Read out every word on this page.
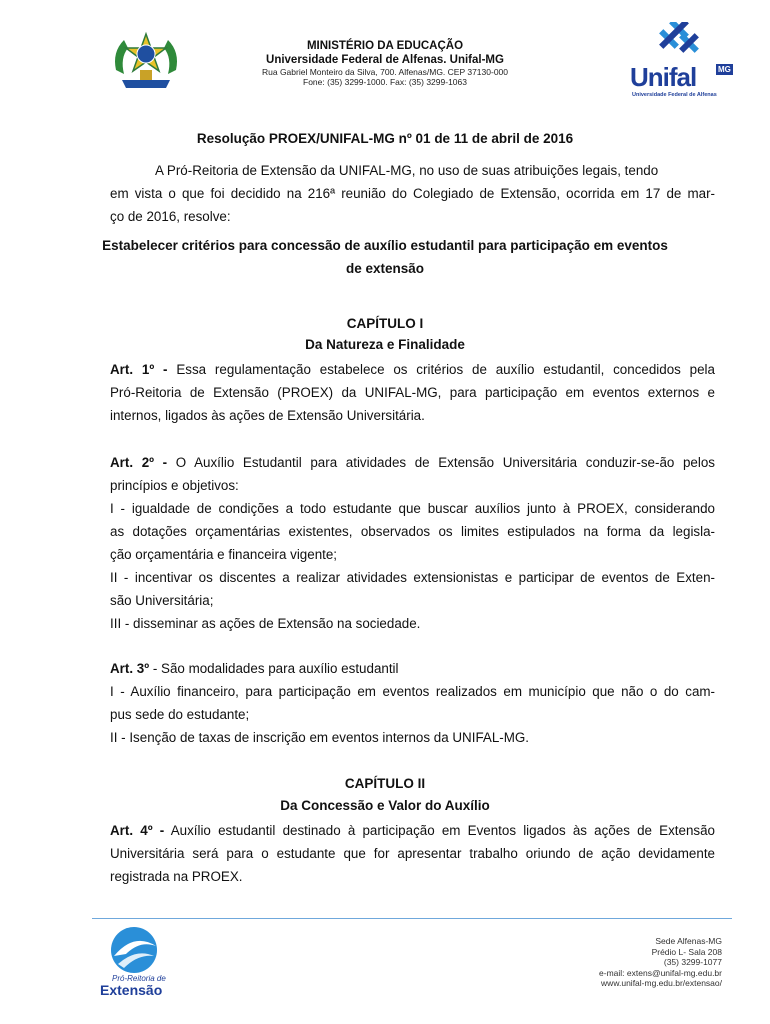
MINISTÉRIO DA EDUCAÇÃO
Universidade Federal de Alfenas. Unifal-MG
Rua Gabriel Monteiro da Silva, 700. Alfenas/MG. CEP 37130-000
Fone: (35) 3299-1000. Fax: (35) 3299-1063	Unifal	MG
Universidade Federal de Alfenas
Resolução PROEX/UNIFAL-MG nº 01 de 11 de abril de 2016
A Pró-Reitoria de Extensão da UNIFAL-MG, no uso de suas atribuições legais, tendo
em vista o que foi decidido na 216ª reunião do Colegiado de Extensão, ocorrida em 17 de mar-
ço de 2016, resolve:
Estabelecer critérios para concessão de auxílio estudantil para participação em eventos
de extensão
CAPÍTULO I
Da Natureza e Finalidade
Art. 1º - Essa regulamentação estabelece os critérios de auxílio estudantil, concedidos pela
Pró-Reitoria de Extensão (PROEX) da UNIFAL-MG, para participação em eventos externos e
internos, ligados às ações de Extensão Universitária.
Art. 2º - O Auxílio Estudantil para atividades de Extensão Universitária conduzir-se-ão pelos
princípios e objetivos:
I - igualdade de condições a todo estudante que buscar auxílios junto à PROEX, considerando
as dotações orçamentárias existentes, observados os limites estipulados na forma da legisla-
ção orçamentária e financeira vigente;
II - incentivar os discentes a realizar atividades extensionistas e participar de eventos de Exten-
são Universitária;
III - disseminar as ações de Extensão na sociedade.
Art. 3º - São modalidades para auxílio estudantil
I - Auxílio financeiro, para participação em eventos realizados em município que não o do cam-
pus sede do estudante;
II - Isenção de taxas de inscrição em eventos internos da UNIFAL-MG.
CAPÍTULO II
Da Concessão e Valor do Auxílio
Art. 4º - Auxílio estudantil destinado à participação em Eventos ligados às ações de Extensão
Universitária será para o estudante que for apresentar trabalho oriundo de ação devidamente
registrada na PROEX.
Pró-Reitoria de
Extensão
Sede Alfenas-MG
Prédio L- Sala 208
(35) 3299-1077
e-mail: extens@unifal-mg.edu.br
www.unifal-mg.edu.br/extensao/
